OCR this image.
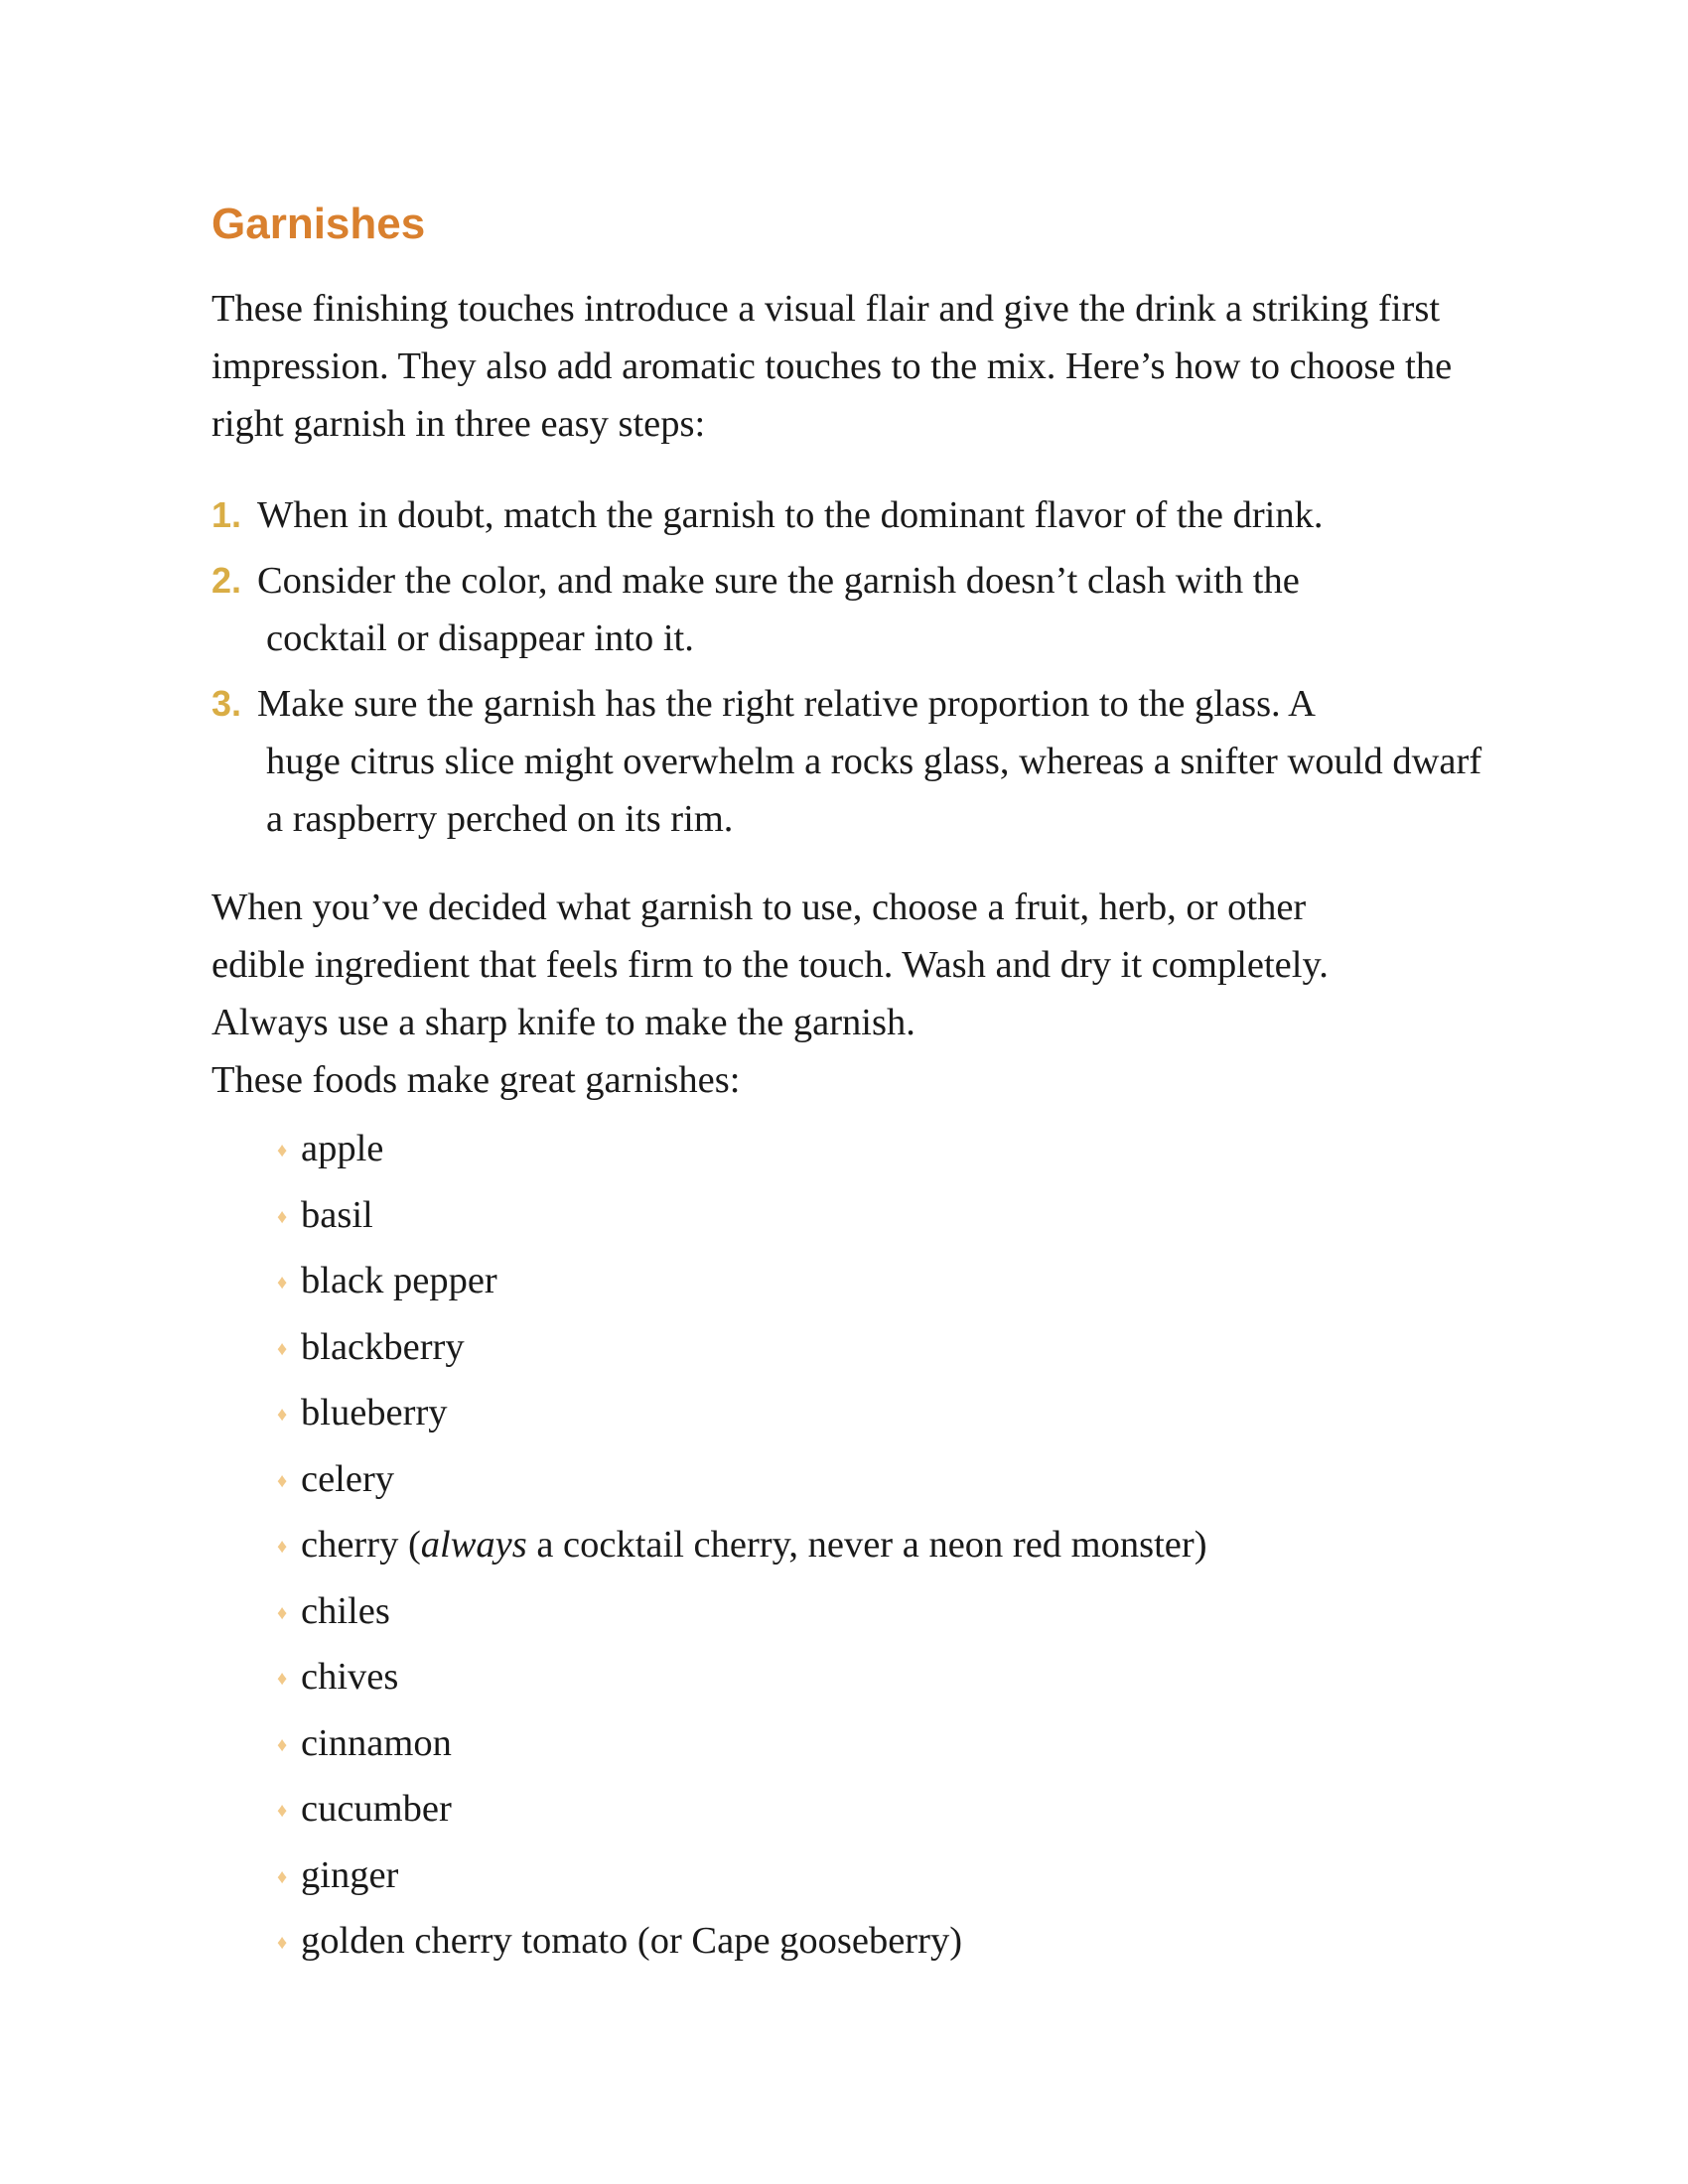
Garnishes

These finishing touches introduce a visual flair and give the drink a striking first impression. They also add aromatic touches to the mix. Here’s how to choose the right garnish in three easy steps:

1. When in doubt, match the garnish to the dominant flavor of the drink.
2. Consider the color, and make sure the garnish doesn’t clash with the
cocktail or disappear into it.
3. Make sure the garnish has the right relative proportion to the glass. A
huge citrus slice might overwhelm a rocks glass, whereas a snifter would dwarf a raspberry perched on its rim.

When you’ve decided what garnish to use, choose a fruit, herb, or other
edible ingredient that feels firm to the touch. Wash and dry it completely.
Always use a sharp knife to make the garnish.
These foods make great garnishes:

♦ apple
♦ basil
♦ black pepper
♦ blackberry
♦ blueberry
♦ celery
♦ cherry (always a cocktail cherry, never a neon red monster)
♦ chiles
♦ chives
♦ cinnamon
♦ cucumber
♦ ginger
♦ golden cherry tomato (or Cape gooseberry)
